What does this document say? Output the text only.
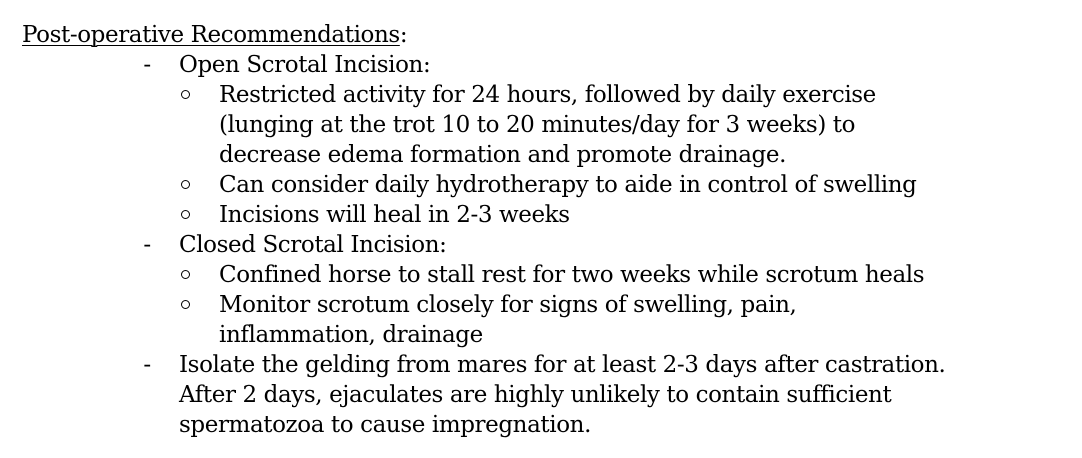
Post-operative Recommendations:
- Open Scrotal Incision:
Restricted activity for 24 hours, followed by daily exercise
(lunging at the trot 10 to 20 minutes/day for 3 weeks) to
decrease edema formation and promote drainage.
Can consider daily hydrotherapy to aide in control of swelling
Incisions will heal in 2-3 weeks
- Closed Scrotal Incision:
Confined horse to stall rest for two weeks while scrotum heals
Monitor scrotum closely for signs of swelling, pain,
inflammation, drainage
- Isolate the gelding from mares for at least 2-3 days after castration.
After 2 days, ejaculates are highly unlikely to contain sufficient
spermatozoa to cause impregnation.
